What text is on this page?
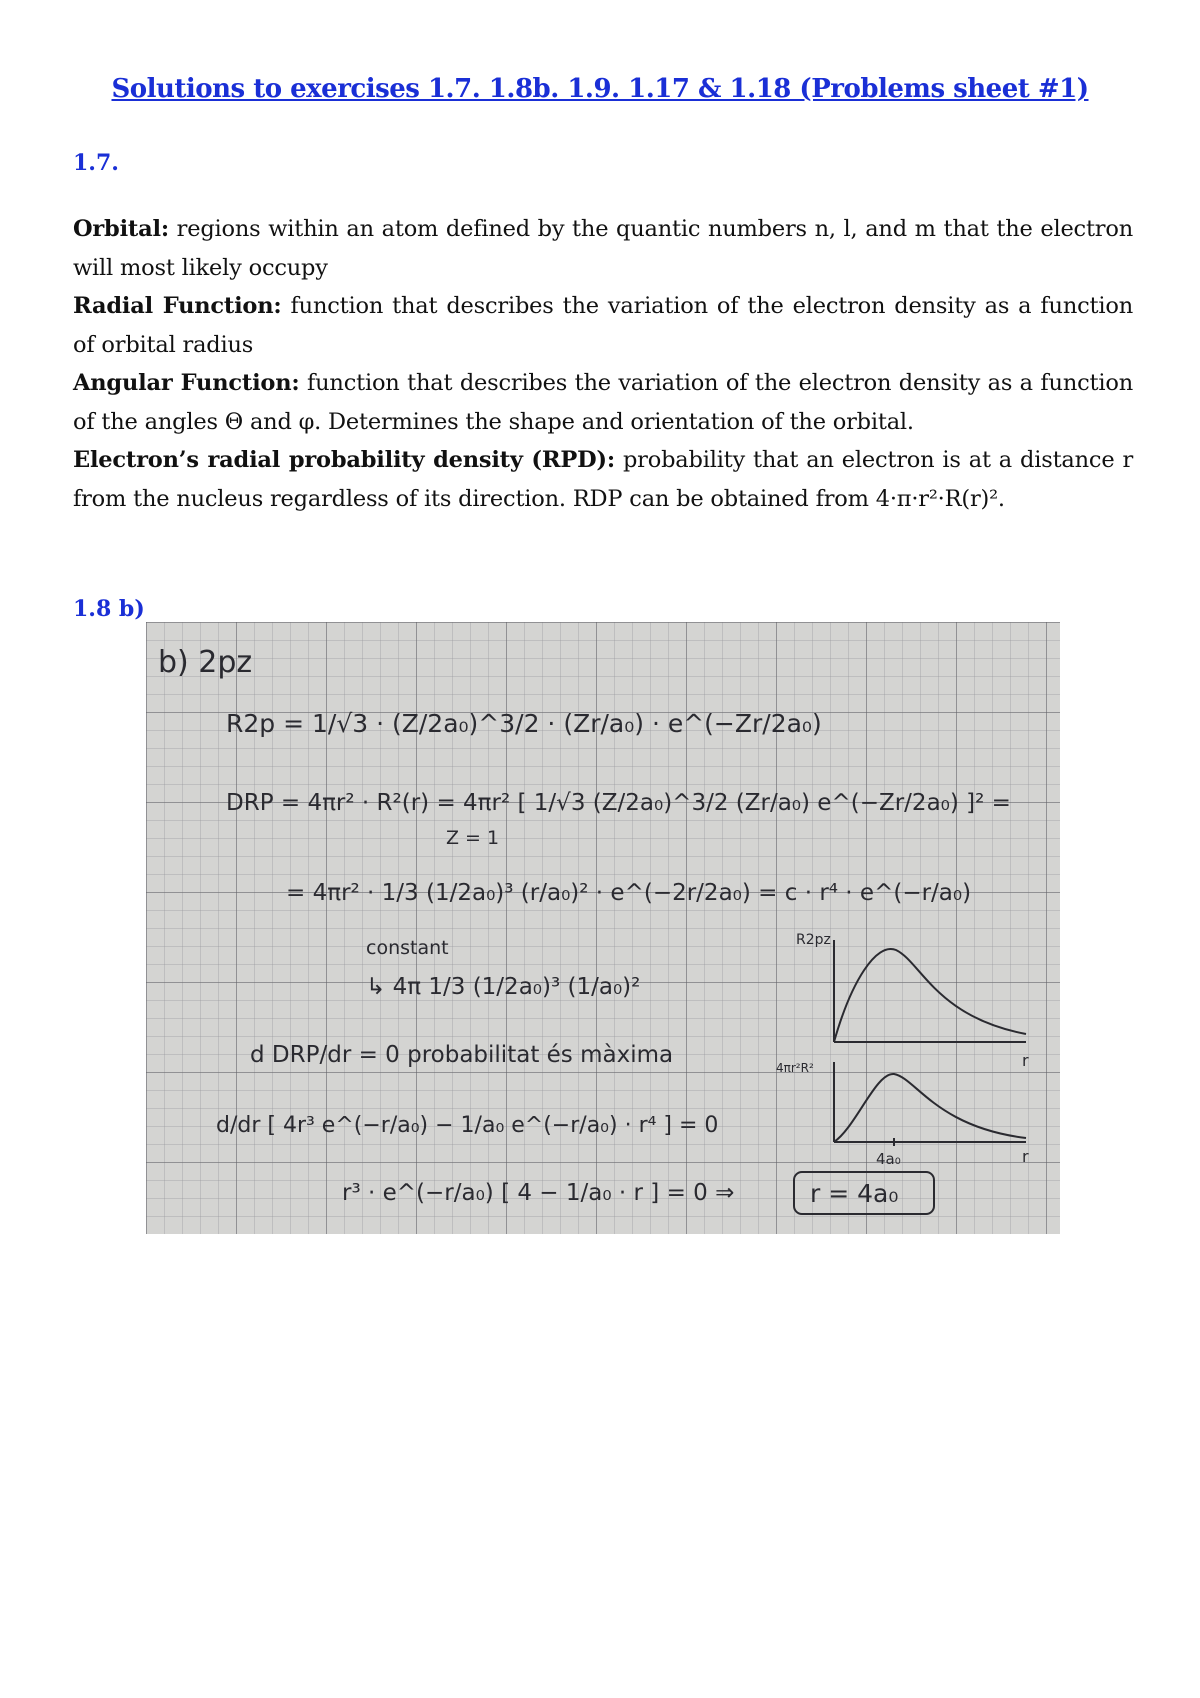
Solutions to exercises 1.7. 1.8b. 1.9. 1.17 & 1.18 (Problems sheet #1)
1.7.

Orbital: regions within an atom defined by the quantic numbers n, l, and m that the electron will most likely occupy

Radial Function: function that describes the variation of the electron density as a function of orbital radius

Angular Function: function that describes the variation of the electron density as a function of the angles Θ and φ. Determines the shape and orientation of the orbital.

Electron’s radial probability density (RPD): probability that an electron is at a distance r from the nucleus regardless of its direction. RDP can be obtained from 4·π·r²·R(r)².

1.8 b)
b) 2pz
R2p = 1/√3 · (Z/2a₀)^3/2 · (Zr/a₀) · e^(−Zr/2a₀)
DRP = 4πr² · R²(r) = 4πr² [ 1/√3 (Z/2a₀)^3/2 (Zr/a₀) e^(−Zr/2a₀) ]² =
Z = 1
= 4πr² · 1/3 (1/2a₀)³ (r/a₀)² · e^(−2r/2a₀) = c · r⁴ · e^(−r/a₀)
constant
↳ 4π 1/3 (1/2a₀)³ (1/a₀)²
d DRP/dr = 0 probabilitat és màxima
d/dr [ 4r³ e^(−r/a₀) − 1/a₀ e^(−r/a₀) · r⁴ ] = 0
r³ · e^(−r/a₀) [ 4 − 1/a₀ · r ] = 0 ⇒	r = 4a₀
R2pz
r
4πr²R²
4a₀	r
